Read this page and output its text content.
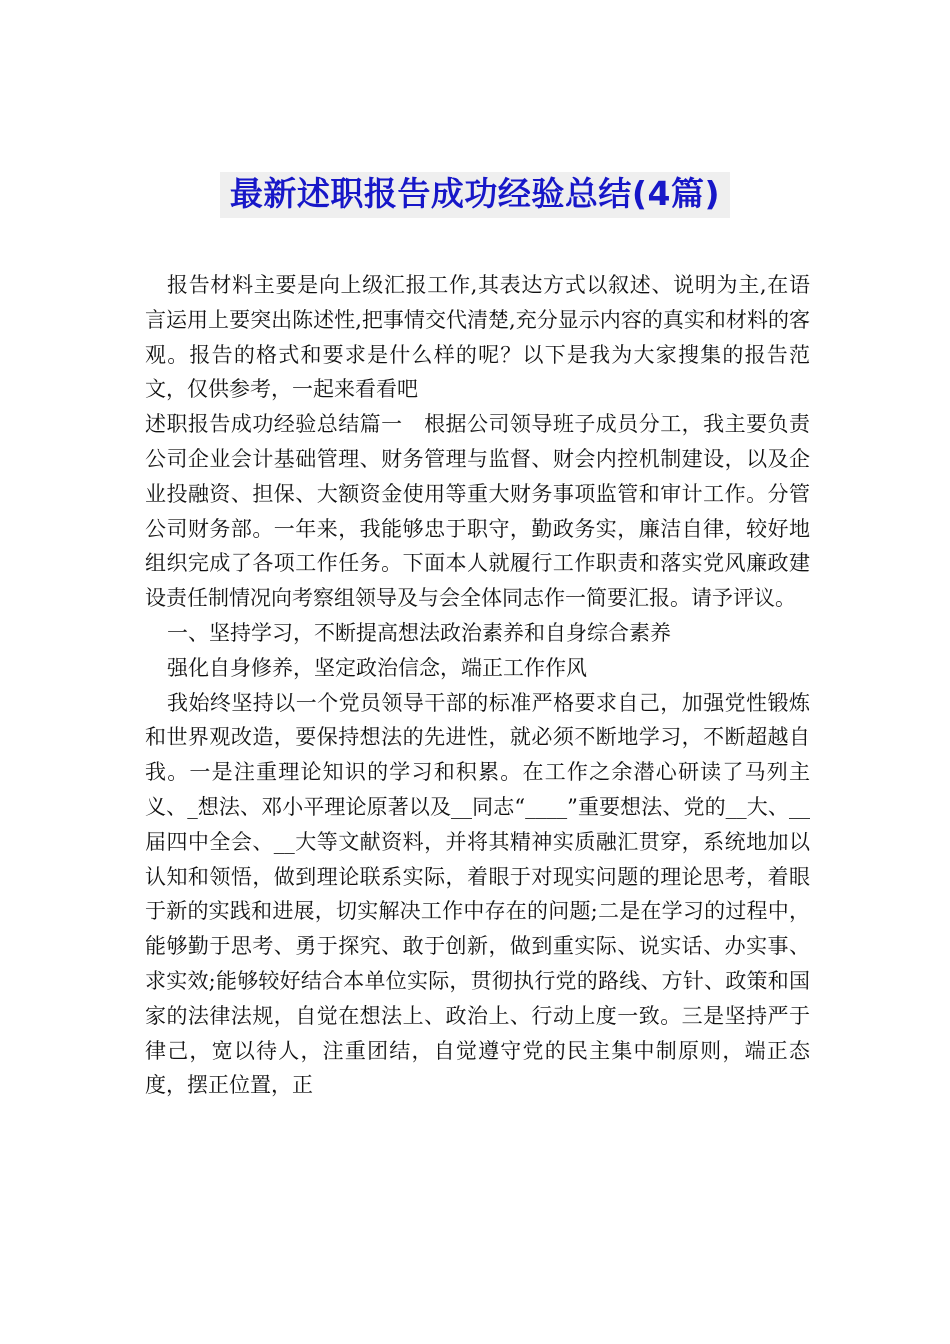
最新述职报告成功经验总结(4篇)

报告材料主要是向上级汇报工作,其表达方式以叙述、说明为主,在语言运用上要突出陈述性,把事情交代清楚,充分显示内容的真实和材料的客观。报告的格式和要求是什么样的呢？以下是我为大家搜集的报告范文，仅供参考，一起来看看吧

述职报告成功经验总结篇一　根据公司领导班子成员分工，我主要负责公司企业会计基础管理、财务管理与监督、财会内控机制建设，以及企业投融资、担保、大额资金使用等重大财务事项监管和审计工作。分管公司财务部。一年来，我能够忠于职守，勤政务实，廉洁自律，较好地组织完成了各项工作任务。下面本人就履行工作职责和落实党风廉政建设责任制情况向考察组领导及与会全体同志作一简要汇报。请予评议。

一、坚持学习，不断提高想法政治素养和自身综合素养

强化自身修养，坚定政治信念，端正工作作风

我始终坚持以一个党员领导干部的标准严格要求自己，加强党性锻炼和世界观改造，要保持想法的先进性，就必须不断地学习，不断超越自我。一是注重理论知识的学习和积累。在工作之余潜心研读了马列主义、_想法、邓小平理论原著以及__同志“____”重要想法、党的__大、__届四中全会、__大等文献资料，并将其精神实质融汇贯穿，系统地加以认知和领悟，做到理论联系实际，着眼于对现实问题的理论思考，着眼于新的实践和进展，切实解决工作中存在的问题;二是在学习的过程中，能够勤于思考、勇于探究、敢于创新，做到重实际、说实话、办实事、求实效;能够较好结合本单位实际，贯彻执行党的路线、方针、政策和国家的法律法规，自觉在想法上、政治上、行动上度一致。三是坚持严于律己，宽以待人，注重团结，自觉遵守党的民主集中制原则，端正态度，摆正位置，正
